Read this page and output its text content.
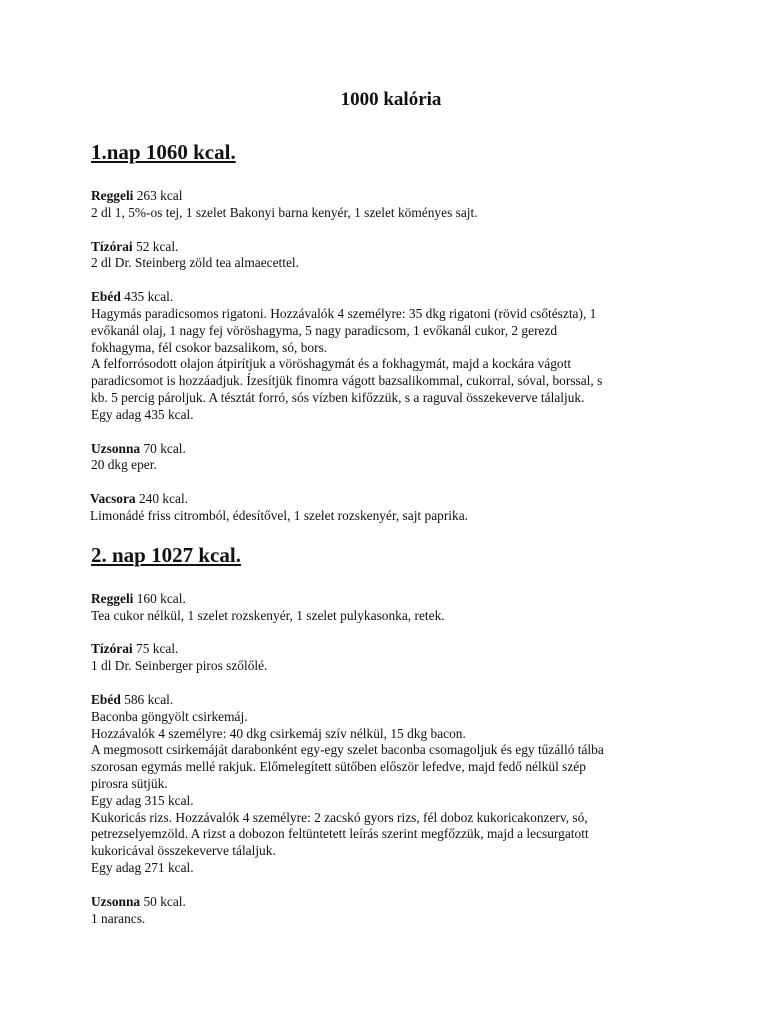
1000 kalória
1.nap 1060 kcal.

Reggeli 263 kcal

2 dl 1, 5%-os tej, 1 szelet Bakonyi barna kenyér, 1 szelet köményes sajt.

Tízórai 52 kcal.

2 dl Dr. Steinberg zöld tea almaecettel.

Ebéd 435 kcal.

Hagymás paradicsomos rigatoni. Hozzávalók 4 személyre: 35 dkg rigatoni (rövid csőtészta), 1

evőkanál olaj, 1 nagy fej vöröshagyma, 5 nagy paradicsom, 1 evőkanál cukor, 2 gerezd

fokhagyma, fél csokor bazsalikom, só, bors.

A felforrósodott olajon átpirítjuk a vöröshagymát és a fokhagymát, majd a kockára vágott

paradicsomot is hozzáadjuk. Ízesítjük finomra vágott bazsalikommal, cukorral, sóval, borssal, s

kb. 5 percig pároljuk. A tésztát forró, sós vízben kifőzzük, s a raguval összekeverve tálaljuk.

Egy adag 435 kcal.

Uzsonna 70 kcal.

20 dkg eper.

Vacsora 240 kcal.

Limonádé friss citromból, édesítővel, 1 szelet rozskenyér, sajt paprika.

2. nap 1027 kcal.

Reggeli 160 kcal.

Tea cukor nélkül, 1 szelet rozskenyér, 1 szelet pulykasonka, retek.

Tízórai 75 kcal.

1 dl Dr. Seinberger piros szőlőlé.

Ebéd 586 kcal.

Baconba göngyölt csirkemáj.

Hozzávalók 4 személyre: 40 dkg csirkemáj szív nélkül, 15 dkg bacon.

A megmosott csirkemáját darabonként egy-egy szelet baconba csomagoljuk és egy tűzálló tálba

szorosan egymás mellé rakjuk. Előmelegített sütőben először lefedve, majd fedő nélkül szép

pirosra sütjük.

Egy adag 315 kcal.

Kukoricás rizs. Hozzávalók 4 személyre: 2 zacskó gyors rizs, fél doboz kukoricakonzerv, só,

petrezselyemzöld. A rizst a dobozon feltüntetett leírás szerint megfőzzük, majd a lecsurgatott

kukoricával összekeverve tálaljuk.

Egy adag 271 kcal.

Uzsonna 50 kcal.

1 narancs.
